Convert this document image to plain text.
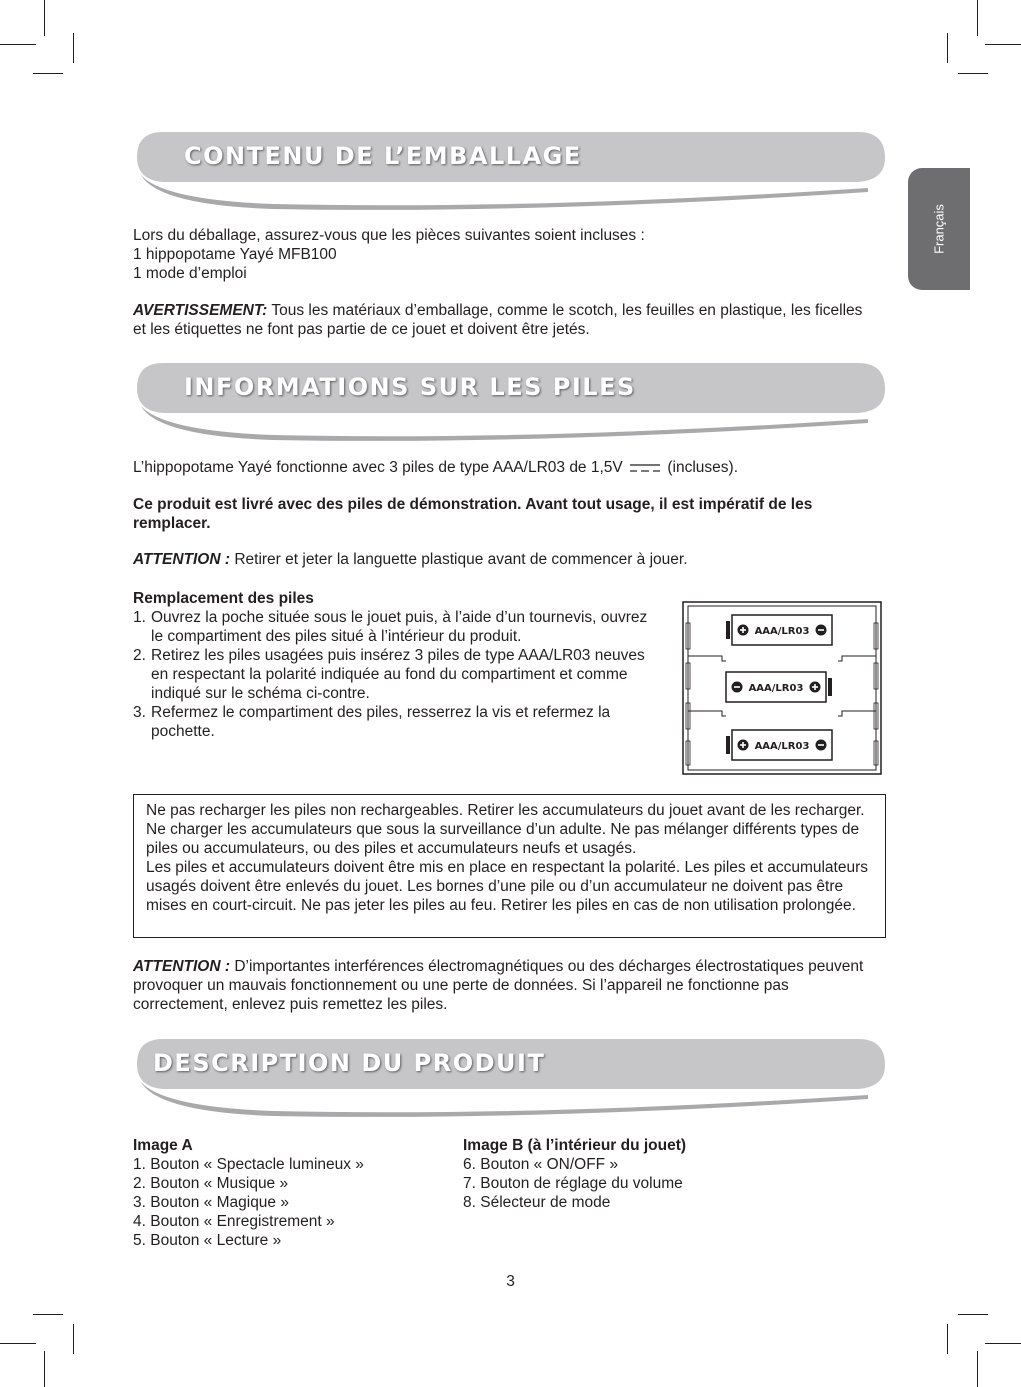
Français
CONTENU DE L’EMBALLAGE

Lors du déballage, assurez-vous que les pièces suivantes soient incluses :

1 hippopotame Yayé MFB100

1 mode d’emploi

AVERTISSEMENT: Tous les matériaux d’emballage, comme le scotch, les feuilles en plastique, les ficelles et les étiquettes ne font pas partie de ce jouet et doivent être jetés.

INFORMATIONS SUR LES PILES

L’hippopotame Yayé fonctionne avec 3 piles de type AAA/LR03 de 1,5V	(incluses).

Ce produit est livré avec des piles de démonstration. Avant tout usage, il est impératif de les remplacer.

ATTENTION : Retirer et jeter la languette plastique avant de commencer à jouer.

Remplacement des piles

1. Ouvrez la poche située sous le jouet puis, à l’aide d’un tournevis, ouvrez le compartiment des piles situé à l’intérieur du produit.
2. Retirez les piles usagées puis insérez 3 piles de type AAA/LR03 neuves en respectant la polarité indiquée au fond du compartiment et comme indiqué sur le schéma ci-contre.
3. Refermez le compartiment des piles, resserrez la vis et refermez la pochette.
AAA/LR03
AAA/LR03
AAA/LR03

Ne pas recharger les piles non rechargeables. Retirer les accumulateurs du jouet avant de les recharger. Ne charger les accumulateurs que sous la surveillance d’un adulte. Ne pas mélanger différents types de piles ou accumulateurs, ou des piles et accumulateurs neufs et usagés.

Les piles et accumulateurs doivent être mis en place en respectant la polarité. Les piles et accumulateurs usagés doivent être enlevés du jouet. Les bornes d’une pile ou d’un accumulateur ne doivent pas être mises en court-circuit. Ne pas jeter les piles au feu. Retirer les piles en cas de non utilisation prolongée.

ATTENTION : D’importantes interférences électromagnétiques ou des décharges électrostatiques peuvent provoquer un mauvais fonctionnement ou une perte de données. Si l’appareil ne fonctionne pas correctement, enlevez puis remettez les piles.

DESCRIPTION DU PRODUIT

Image A

1. Bouton « Spectacle lumineux »

2. Bouton « Musique »

3. Bouton « Magique »

4. Bouton « Enregistrement »

5. Bouton « Lecture »

Image B (à l’intérieur du jouet)

6. Bouton « ON/OFF »

7. Bouton de réglage du volume

8. Sélecteur de mode

3
